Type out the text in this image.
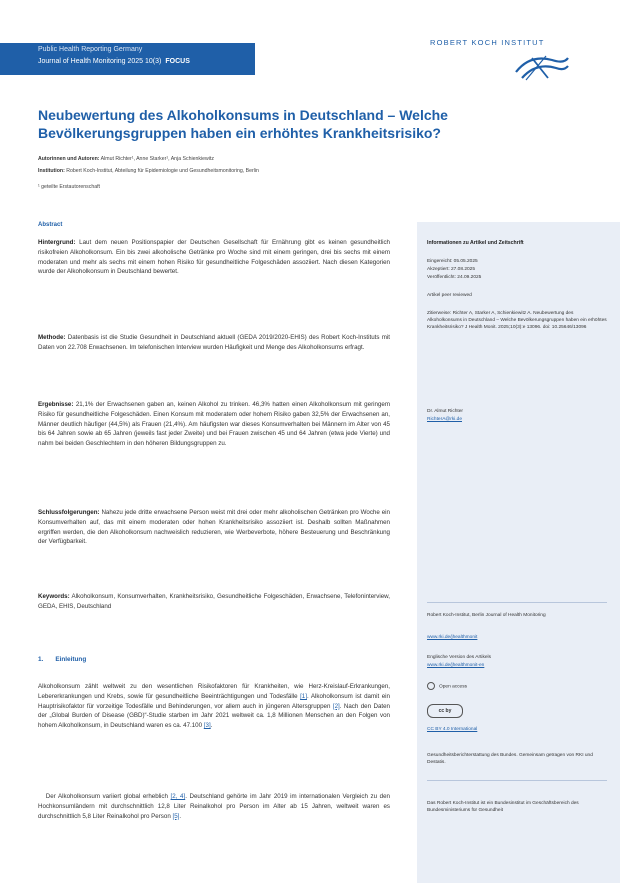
Public Health Reporting Germany
Journal of Health Monitoring 2025 10(3) FOCUS
ROBERT KOCH INSTITUT
Neubewertung des Alkoholkonsums in Deutschland – Welche Bevölkerungsgruppen haben ein erhöhtes Krankheitsrisiko?
Autorinnen und Autoren: Almut Richter¹, Anne Starker¹, Anja Schienkiewitz
Institution: Robert Koch-Institut, Abteilung für Epidemiologie und Gesundheitsmonitoring, Berlin
¹ geteilte Erstautorenschaft
Abstract
Hintergrund: Laut dem neuen Positionspapier der Deutschen Gesellschaft für Ernährung gibt es keinen gesundheitlich risikofreien Alkoholkonsum. Ein bis zwei alkoholische Getränke pro Woche sind mit einem geringen, drei bis sechs mit einem moderaten und mehr als sechs mit einem hohen Risiko für gesundheitliche Folgeschäden assoziiert. Nach diesen Kategorien wurde der Alkoholkonsum in Deutschland bewertet.
Methode: Datenbasis ist die Studie Gesundheit in Deutschland aktuell (GEDA 2019/2020-EHIS) des Robert Koch-Instituts mit Daten von 22.708 Erwachsenen. Im telefonischen Interview wurden Häufigkeit und Menge des Alkoholkonsums erfragt.
Ergebnisse: 21,1% der Erwachsenen gaben an, keinen Alkohol zu trinken. 46,3% hatten einen Alkoholkonsum mit geringem Risiko für gesundheitliche Folgeschäden. Einen Konsum mit moderatem oder hohem Risiko gaben 32,5% der Erwachsenen an, Männer deutlich häufiger (44,5%) als Frauen (21,4%). Am häufigsten war dieses Konsumverhalten bei Männern im Alter von 45 bis 64 Jahren sowie ab 65 Jahren (jeweils fast jeder Zweite) und bei Frauen zwischen 45 und 64 Jahren (etwa jede Vierte) und nahm bei beiden Geschlechtern in den höheren Bildungsgruppen zu.
Schlussfolgerungen: Nahezu jede dritte erwachsene Person weist mit drei oder mehr alkoholischen Getränken pro Woche ein Konsumverhalten auf, das mit einem moderaten oder hohen Krankheitsrisiko assoziiert ist. Deshalb sollten Maßnahmen ergriffen werden, die den Alkoholkonsum nachweislich reduzieren, wie Werbeverbote, höhere Besteuerung und Beschränkung der Verfügbarkeit.
Keywords: Alkoholkonsum, Konsumverhalten, Krankheitsrisiko, Gesundheitliche Folgeschäden, Erwachsene, Telefoninterview, GEDA, EHIS, Deutschland
1. Einleitung
Alkoholkonsum zählt weltweit zu den wesentlichen Risikofaktoren für Krankheiten, wie Herz-Kreislauf-Erkrankungen, Lebererkrankungen und Krebs, sowie für gesundheitliche Beeinträchtigungen und Todesfälle [1]. Alkoholkonsum ist damit ein Hauptrisikofaktor für vorzeitige Todesfälle und Behinderungen, vor allem auch in jüngeren Altersgruppen [2]. Nach den Daten der „Global Burden of Disease (GBD)“-Studie starben im Jahr 2021 weltweit ca. 1,8 Millionen Menschen an den Folgen von hohem Alkoholkonsum, in Deutschland waren es ca. 47.100 [3].
Der Alkoholkonsum variiert global erheblich [2, 4]. Deutschland gehörte im Jahr 2019 im internationalen Vergleich zu den Hochkonsumländern mit durchschnittlich 12,8 Liter Reinalkohol pro Person im Alter ab 15 Jahren, weltweit waren es durchschnittlich 5,8 Liter Reinalkohol pro Person [5].
Informationen zu Artikel und Zeitschrift
Eingereicht: 05.05.2025
Akzeptiert: 27.08.2025
Veröffentlicht: 24.09.2025
Artikel peer reviewed
Zitierweise: Richter A, Starker A, Schienkiewitz A. Neubewertung des Alkoholkonsums in Deutschland – Welche Bevölkerungsgruppen haben ein erhöhtes Krankheitsrisiko? J Health Monit. 2025;10(3):e 13096. doi: 10.25646/13096
Dr. Almut Richter
RichterA@rki.de
Robert Koch-Institut, Berlin Journal of Health Monitoring
www.rki.de/jhealthmonit
Englische Version des Artikels
www.rki.de/jhealthmonit-en
Open access
cc by
CC BY 4.0 International
Gesundheitsberichterstattung des Bundes. Gemeinsam getragen von RKI und Destatis.
Das Robert Koch-Institut ist ein Bundesinstitut im Geschäftsbereich des Bundesministeriums für Gesundheit
